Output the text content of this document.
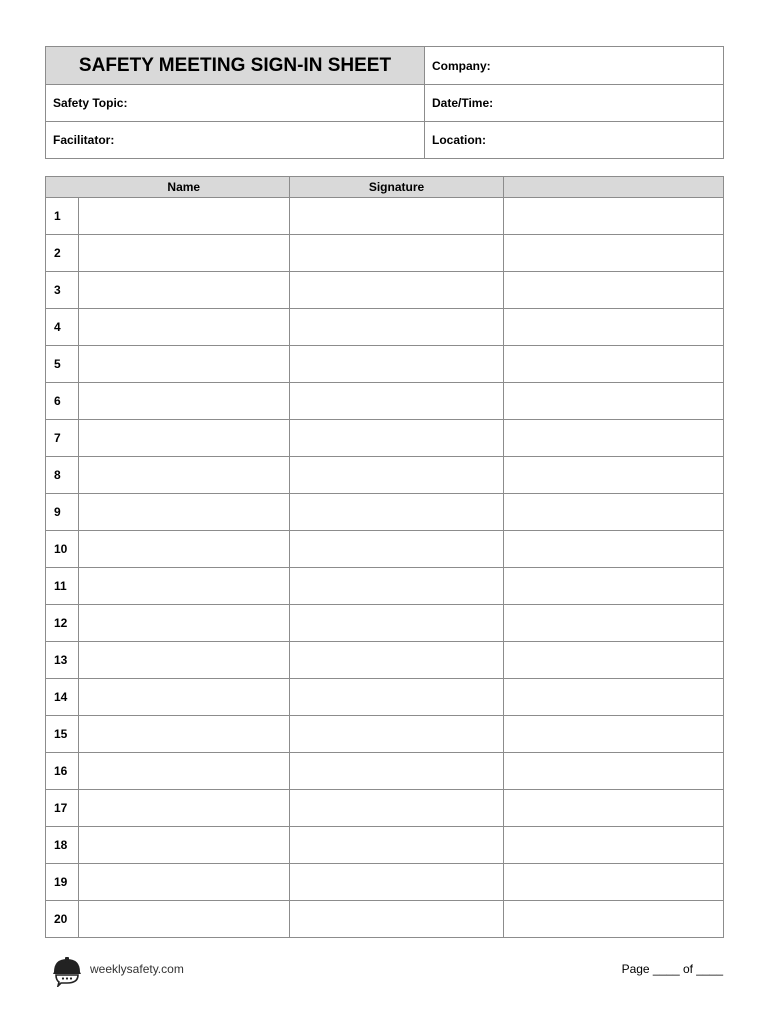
SAFETY MEETING SIGN-IN SHEET	Company:
Safety Topic:	Date/Time:
Facilitator:	Location:
	Name	Signature	
1			
2			
3			
4			
5			
6			
7			
8			
9			
10			
11			
12			
13			
14			
15			
16			
17			
18			
19			
20			
weeklysafety.com	Page ____ of ____
